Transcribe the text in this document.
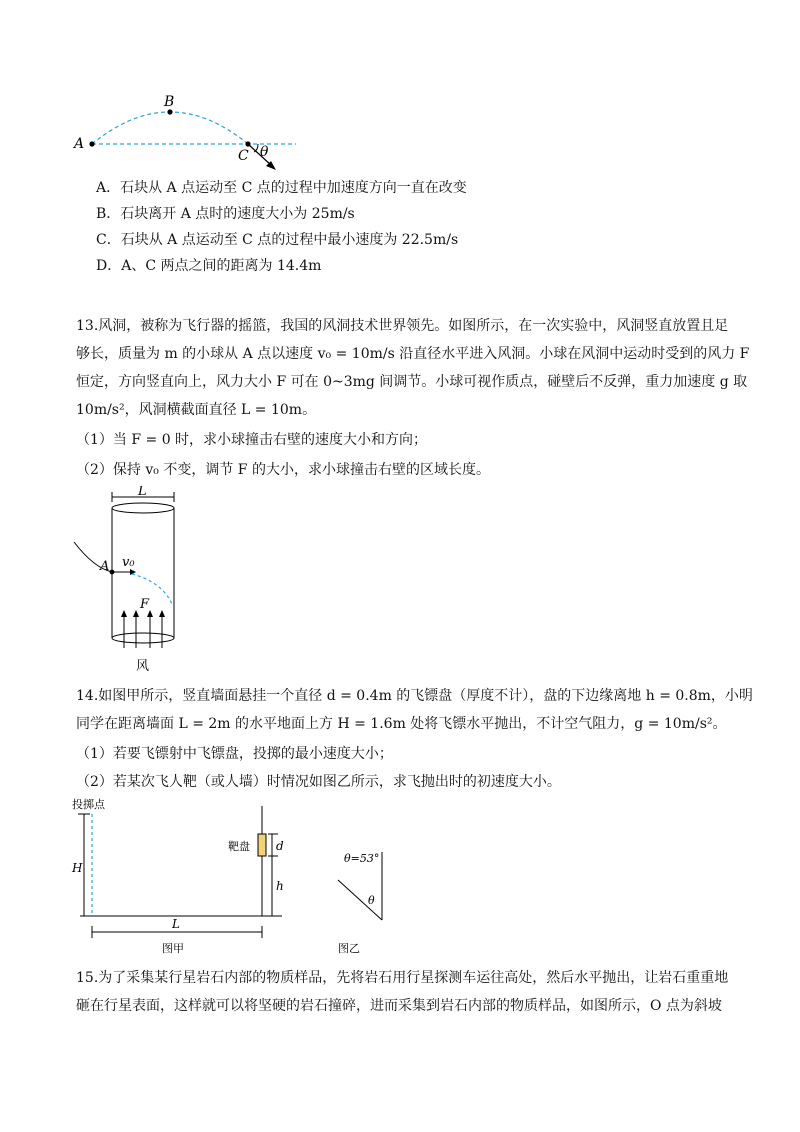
A
B
C θ
A．石块从 A 点运动至 C 点的过程中加速度方向一直在改变
B．石块离开 A 点时的速度大小为 25m/s
C．石块从 A 点运动至 C 点的过程中最小速度为 22.5m/s
D．A、C 两点之间的距离为 14.4m
13.风洞，被称为飞行器的摇篮，我国的风洞技术世界领先。如图所示，在一次实验中，风洞竖直放置且足
够长，质量为 m 的小球从 A 点以速度 v₀ = 10m/s 沿直径水平进入风洞。小球在风洞中运动时受到的风力 F
恒定，方向竖直向上，风力大小 F 可在 0~3mg 间调节。小球可视作质点，碰壁后不反弹，重力加速度 g 取
10m/s²，风洞横截面直径 L = 10m。
（1）当 F = 0 时，求小球撞击右壁的速度大小和方向；
（2）保持 v₀ 不变，调节 F 的大小，求小球撞击右壁的区域长度。
L
A v₀
F
风
14.如图甲所示，竖直墙面悬挂一个直径 d = 0.4m 的飞镖盘（厚度不计），盘的下边缘离地 h = 0.8m，小明
同学在距离墙面 L = 2m 的水平地面上方 H = 1.6m 处将飞镖水平抛出，不计空气阻力，g = 10m/s²。
（1）若要飞镖射中飞镖盘，投掷的最小速度大小；
（2）若某次飞人靶（或人墙）时情况如图乙所示，求飞抛出时的初速度大小。
投掷点
H
靶盘 d
h
L
图甲
θ=53°
θ
图乙
15.为了采集某行星岩石内部的物质样品，先将岩石用行星探测车运往高处，然后水平抛出，让岩石重重地
砸在行星表面，这样就可以将坚硬的岩石撞碎，进而采集到岩石内部的物质样品，如图所示，O 点为斜坡
